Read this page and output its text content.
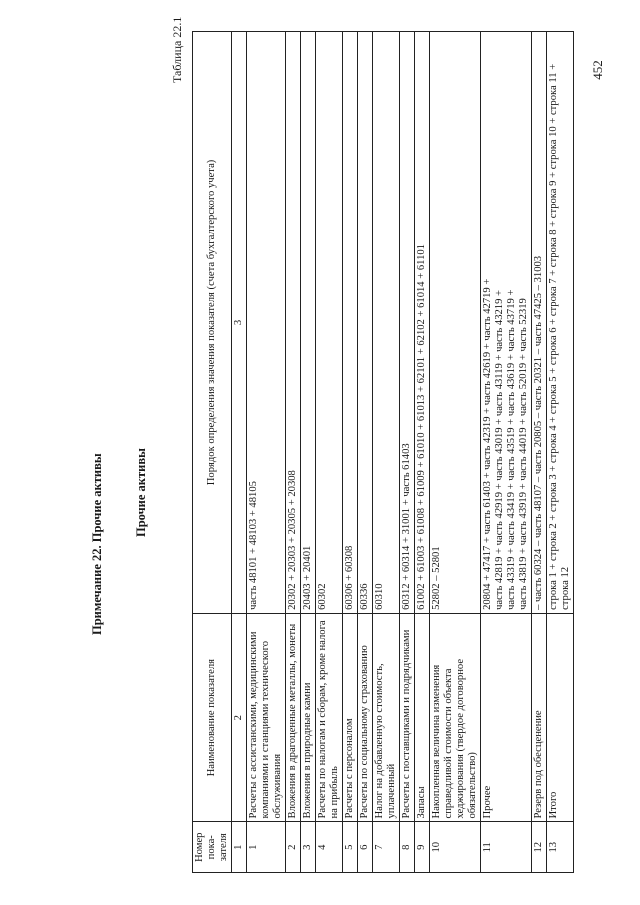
452
Примечание 22. Прочие активы Прочие активы
Таблица 22.1
Номер пока-зателя	Наименование показателя	Порядок определения значения показателя (счета бухгалтерского учета)
1	2	3
1	Расчеты с ассистанскими, медицинскими компаниями и станциями технического обслуживания	часть 48101 + 48103 + 48105
2	Вложения в драгоценные металлы, монеты	20302 + 20303 + 20305 + 20308
3	Вложения в природные камни	20403 + 20401
4	Расчеты по налогам и сборам, кроме налога на прибыль	60302
5	Расчеты с персоналом	60306 + 60308
6	Расчеты по социальному страхованию	60336
7	Налог на добавленную стоимость, уплаченный	60310
8	Расчеты с поставщиками и подрядчиками	60312 + 60314 + 31001 + часть 61403
9	Запасы	61002 + 61003 + 61008 + 61009 + 61010 + 61013 + 62101 + 62102 + 61014 + 61101
10	Накопленная величина изменения справедливой стоимости объекта хеджирования (твердое договорное обязательство)	52802 – 52801
11	Прочее	20804 + 47417 + часть 61403 + часть 42319 + часть 42619 + часть 42719 + часть 42819 + часть 42919 + часть 43019 + часть 43119 + часть 43219 + часть 43319 + часть 43419 + часть 43519 + часть 43619 + часть 43719 + часть 43819 + часть 43919 + часть 44019 + часть 52019 + часть 52319

12	Резерв под обесценение	– часть 60324 – часть 48107 – часть 20805 – часть 20321 – часть 47425 – 31003
13	Итого	строка 1 + строка 2 + строка 3 + строка 4 + строка 5 + строка 6 + строка 7 + строка 8 + строка 9 + строка 10 + строка 11 + строка 12
